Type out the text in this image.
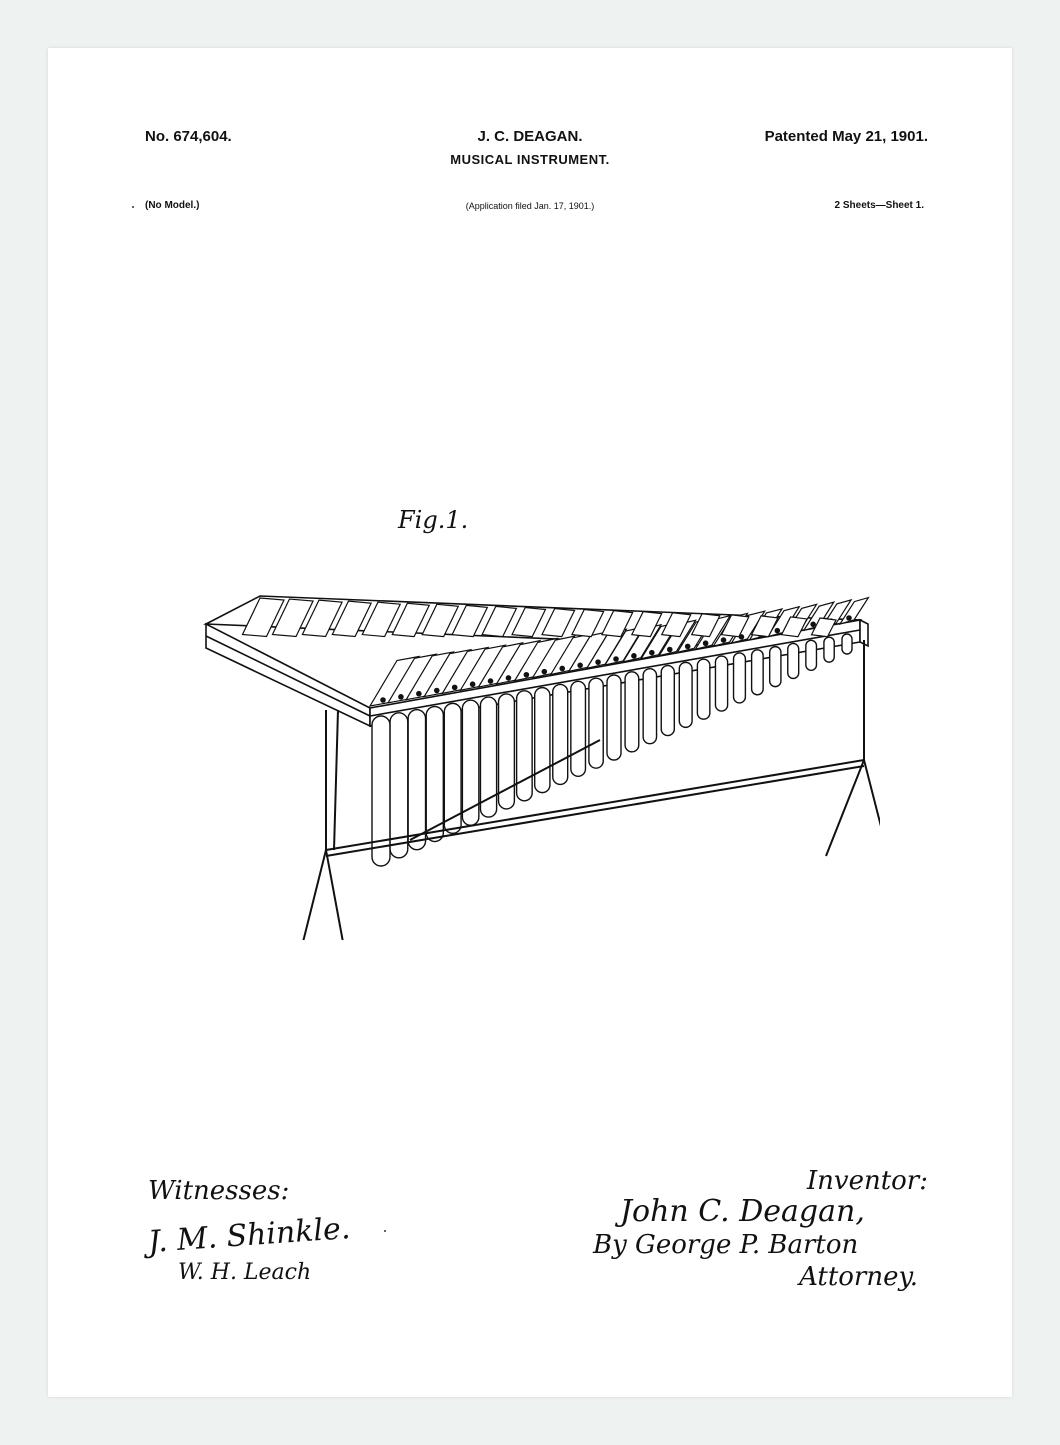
No. 674,604.	J. C. DEAGAN.	Patented May 21, 1901.
MUSICAL INSTRUMENT.
(No Model.)	(Application filed Jan. 17, 1901.)	2 Sheets—Sheet 1.
Fig.1.
Witnesses:
J. M. Shinkle.
W. H. Leach
Inventor:
John C. Deagan,
By George P. Barton
Attorney.
